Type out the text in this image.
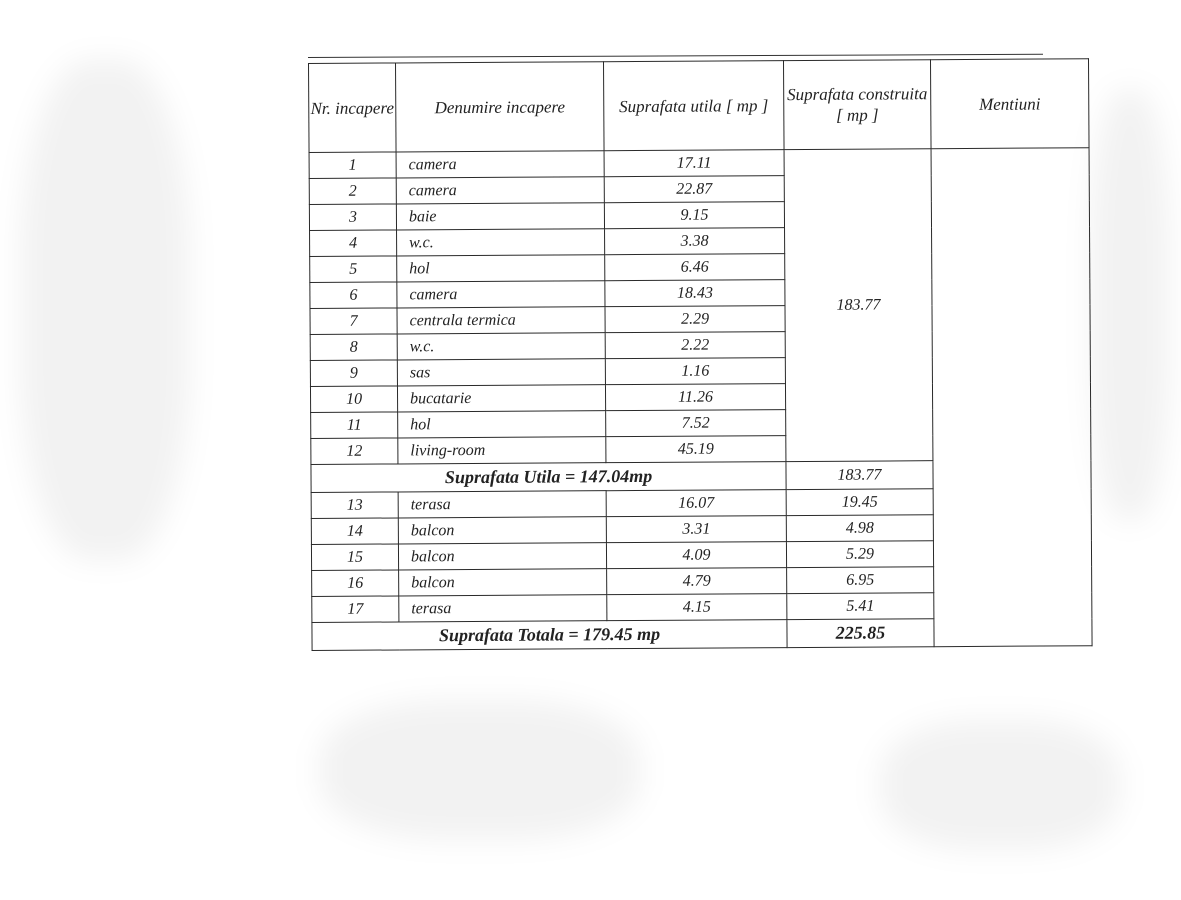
Nr. incapere	Denumire incapere	Suprafata utila [ mp ]	Suprafata construita [ mp ]	Mentiuni
1	camera	17.11	183.77	
2	camera	22.87		
3	baie	9.15		
4	w.c.	3.38		
5	hol	6.46		
6	camera	18.43		
7	centrala termica	2.29		
8	w.c.	2.22		
9	sas	1.16		
10	bucatarie	11.26		
11	hol	7.52		
12	living-room	45.19		
Suprafata Utila = 147.04mp			183.77	
13	terasa	16.07	19.45	
14	balcon	3.31	4.98	
15	balcon	4.09	5.29	
16	balcon	4.79	6.95	
17	terasa	4.15	5.41	
Suprafata Totala = 179.45 mp			225.85	
